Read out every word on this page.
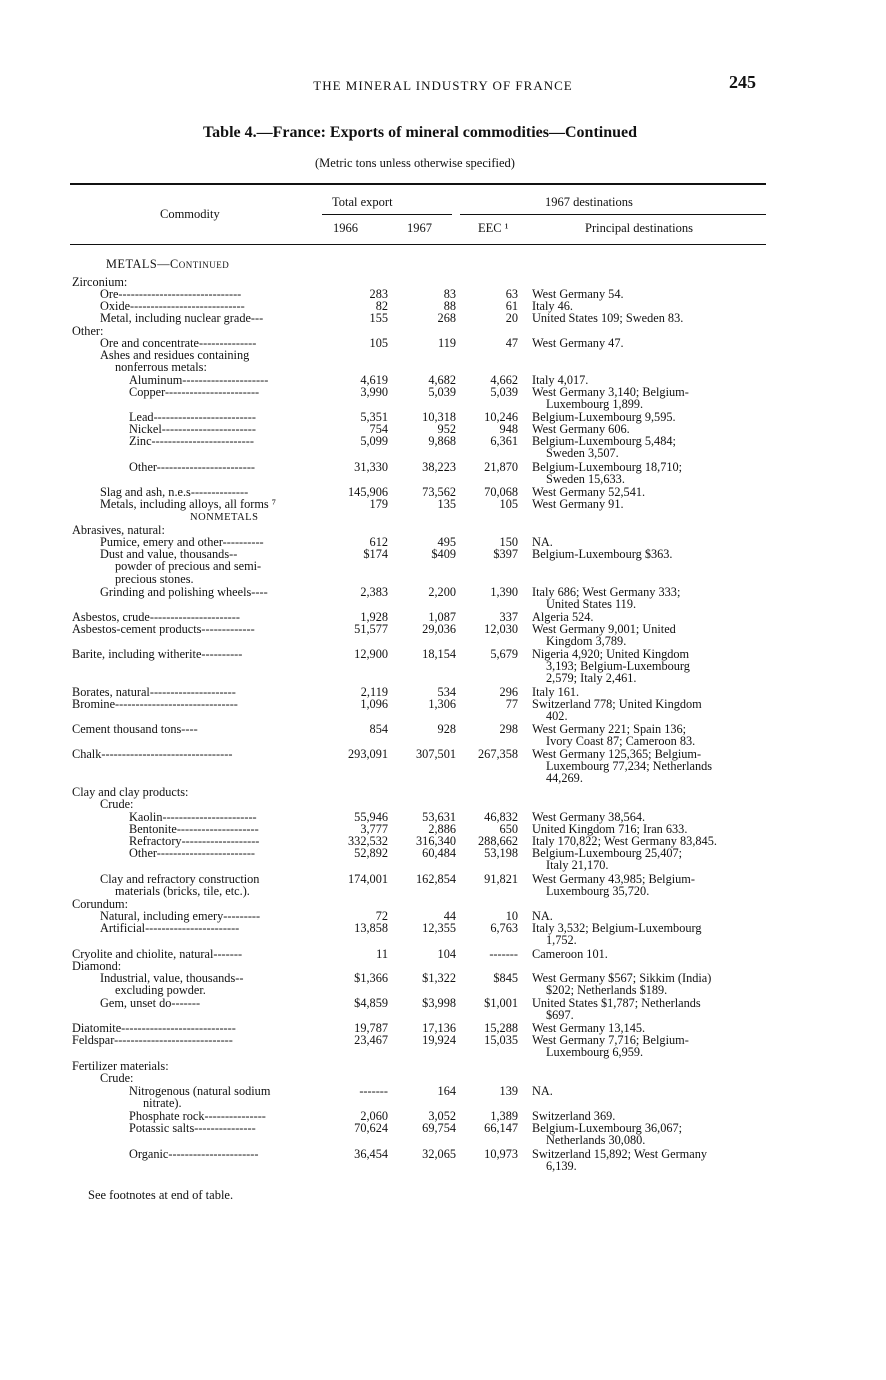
THE MINERAL INDUSTRY OF FRANCE	245
Table 4.—France: Exports of mineral commodities—Continued
(Metric tons unless otherwise specified)
Commodity
Total export
1966	1967
1967 destinations
EEC ¹	Principal destinations
METALS—Continued
Zirconium:
Ore------------------------------	283	83	63 West Germany 54.
Oxide----------------------------	82	88	61 Italy 46.
Metal, including nuclear grade---	155	268	20 United States 109; Sweden 83.
Other:
Ore and concentrate--------------	105	119	47 West Germany 47.
Ashes and residues containing
nonferrous metals:
Aluminum---------------------	4,619	4,682	4,662 Italy 4,017.
Copper-----------------------	3,990	5,039	5,039 West Germany 3,140; Belgium-
Luxembourg 1,899.
Lead-------------------------	5,351	10,318	10,246 Belgium-Luxembourg 9,595.
Nickel-----------------------	754	952	948 West Germany 606.
Zinc-------------------------	5,099	9,868	6,361 Belgium-Luxembourg 5,484;
Sweden 3,507.
Other------------------------	31,330	38,223	21,870 Belgium-Luxembourg 18,710;
Sweden 15,633.
Slag and ash, n.e.s--------------	145,906	73,562	70,068 West Germany 52,541.
Metals, including alloys, all forms ⁷	179	135	105 West Germany 91.
NONMETALS
Abrasives, natural:
Pumice, emery and other----------	612	495	150 NA.
Dust and value, thousands--	$174	$409	$397 Belgium-Luxembourg $363.
powder of precious and semi-
precious stones.
Grinding and polishing wheels----	2,383	2,200	1,390 Italy 686; West Germany 333;
United States 119.
Asbestos, crude----------------------	1,928	1,087	337 Algeria 524.
Asbestos-cement products-------------	51,577	29,036	12,030 West Germany 9,001; United
Kingdom 3,789.
Barite, including witherite----------	12,900	18,154	5,679 Nigeria 4,920; United Kingdom
3,193; Belgium-Luxembourg
2,579; Italy 2,461.
Borates, natural---------------------	2,119	534	296 Italy 161.
Bromine------------------------------	1,096	1,306	77 Switzerland 778; United Kingdom
402.
Cement thousand tons----	854	928	298 West Germany 221; Spain 136;
Ivory Coast 87; Cameroon 83.
Chalk--------------------------------	293,091	307,501	267,358 West Germany 125,365; Belgium-
Luxembourg 77,234; Netherlands
44,269.
Clay and clay products:
Crude:
Kaolin-----------------------	55,946	53,631	46,832 West Germany 38,564.
Bentonite--------------------	3,777	2,886	650 United Kingdom 716; Iran 633.
Refractory-------------------	332,532	316,340	288,662 Italy 170,822; West Germany 83,845.
Other------------------------	52,892	60,484	53,198 Belgium-Luxembourg 25,407;
Italy 21,170.
Clay and refractory construction	174,001	162,854	91,821 West Germany 43,985; Belgium-
materials (bricks, tile, etc.).	Luxembourg 35,720.
Corundum:
Natural, including emery---------	72	44	10 NA.
Artificial-----------------------	13,858	12,355	6,763 Italy 3,532; Belgium-Luxembourg
1,752.
Cryolite and chiolite, natural-------	11	104	------- Cameroon 101.
Diamond:
Industrial, value, thousands--	$1,366	$1,322	$845 West Germany $567; Sikkim (India)
excluding powder.	$202; Netherlands $189.
Gem, unset do-------	$4,859	$3,998	$1,001 United States $1,787; Netherlands
$697.
Diatomite----------------------------	19,787	17,136	15,288 West Germany 13,145.
Feldspar-----------------------------	23,467	19,924	15,035 West Germany 7,716; Belgium-
Luxembourg 6,959.
Fertilizer materials:
Crude:
Nitrogenous (natural sodium	-------	164	139 NA.
nitrate).
Phosphate rock---------------	2,060	3,052	1,389 Switzerland 369.
Potassic salts---------------	70,624	69,754	66,147 Belgium-Luxembourg 36,067;
Netherlands 30,080.
Organic----------------------	36,454	32,065	10,973 Switzerland 15,892; West Germany
6,139.
See footnotes at end of table.
